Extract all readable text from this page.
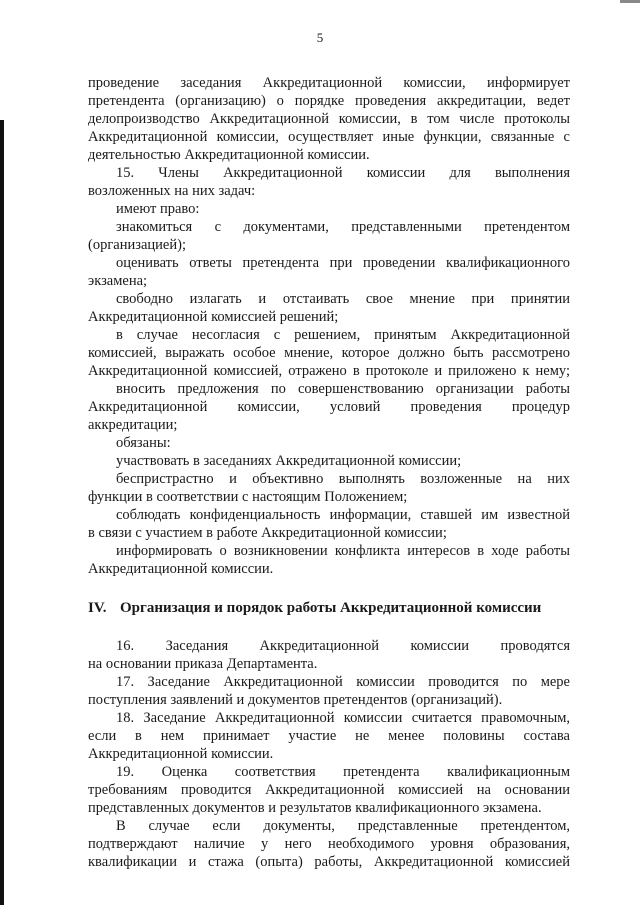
5
проведение заседания Аккредитационной комиссии, информирует
претендента (организацию) о порядке проведения аккредитации, ведет
делопроизводство Аккредитационной комиссии, в том числе протоколы
Аккредитационной комиссии, осуществляет иные функции, связанные с
деятельностью Аккредитационной комиссии.
15. Члены Аккредитационной комиссии для выполнения
возложенных на них задач:
имеют право:
знакомиться с документами, представленными претендентом
(организацией);
оценивать ответы претендента при проведении квалификационного
экзамена;
свободно излагать и отстаивать свое мнение при принятии
Аккредитационной комиссией решений;
в случае несогласия с решением, принятым Аккредитационной
комиссией, выражать особое мнение, которое должно быть рассмотрено
Аккредитационной комиссией, отражено в протоколе и приложено к нему;
вносить предложения по совершенствованию организации работы
Аккредитационной комиссии, условий проведения процедур
аккредитации;
обязаны:
участвовать в заседаниях Аккредитационной комиссии;
беспристрастно и объективно выполнять возложенные на них
функции в соответствии с настоящим Положением;
соблюдать конфиденциальность информации, ставшей им известной
в связи с участием в работе Аккредитационной комиссии;
информировать о возникновении конфликта интересов в ходе работы
Аккредитационной комиссии.
IV. Организация и порядок работы Аккредитационной комиссии
16. Заседания Аккредитационной комиссии проводятся
на основании приказа Департамента.
17. Заседание Аккредитационной комиссии проводится по мере
поступления заявлений и документов претендентов (организаций).
18. Заседание Аккредитационной комиссии считается правомочным,
если в нем принимает участие не менее половины состава
Аккредитационной комиссии.
19. Оценка соответствия претендента квалификационным
требованиям проводится Аккредитационной комиссией на основании
представленных документов и результатов квалификационного экзамена.
В случае если документы, представленные претендентом,
подтверждают наличие у него необходимого уровня образования,
квалификации и стажа (опыта) работы, Аккредитационной комиссией
